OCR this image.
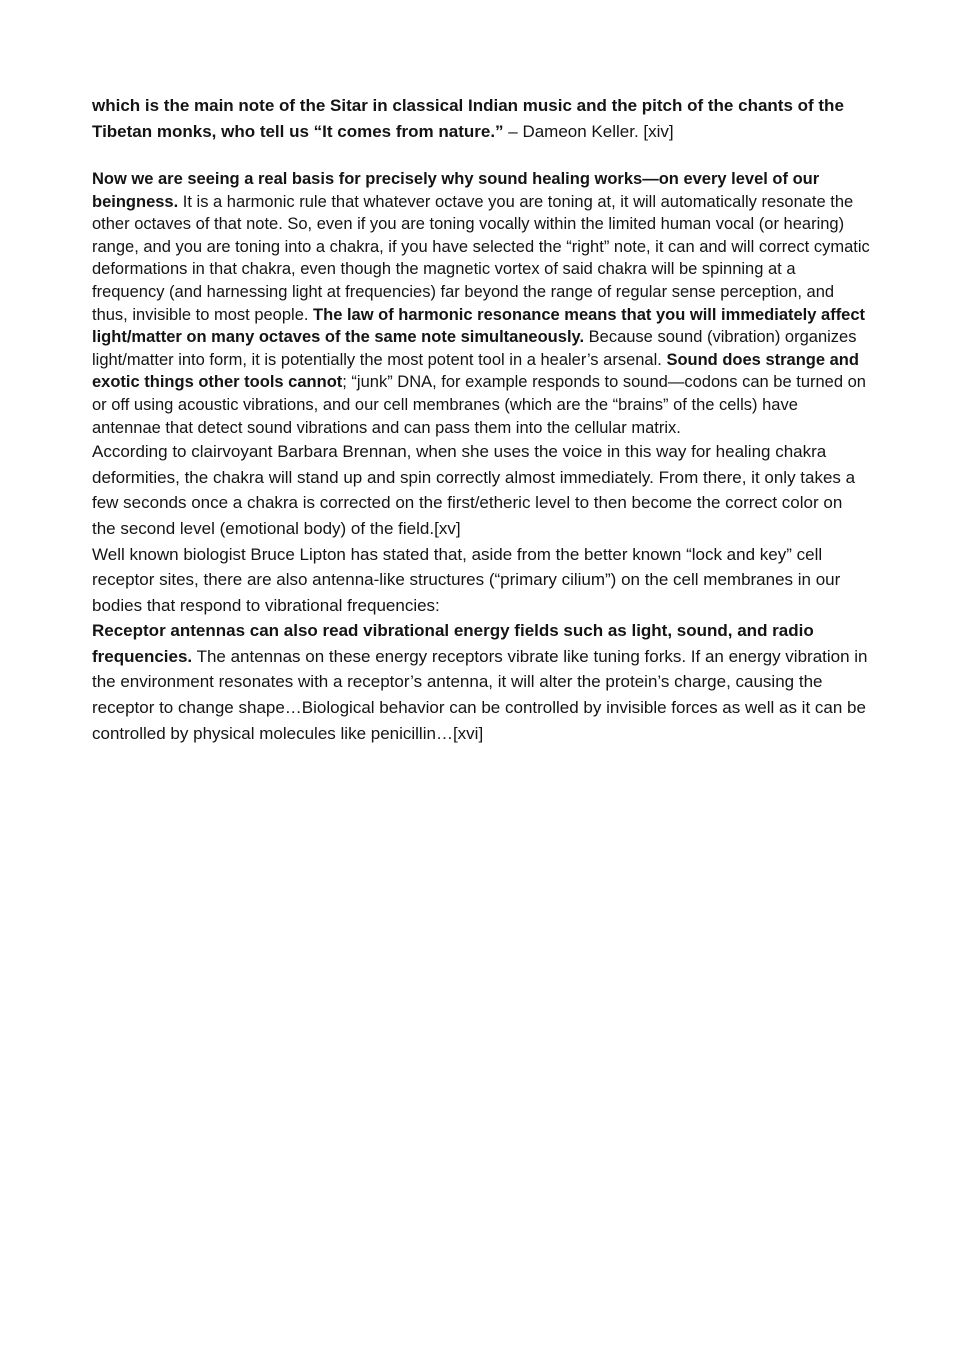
which is the main note of the Sitar in classical Indian music and the pitch of the chants of the Tibetan monks, who tell us “It comes from nature.” – Dameon Keller. [xiv]

Now we are seeing a real basis for precisely why sound healing works—on every level of our beingness. It is a harmonic rule that whatever octave you are toning at, it will automatically resonate the other octaves of that note. So, even if you are toning vocally within the limited human vocal (or hearing) range, and you are toning into a chakra, if you have selected the “right” note, it can and will correct cymatic deformations in that chakra, even though the magnetic vortex of said chakra will be spinning at a frequency (and harnessing light at frequencies) far beyond the range of regular sense perception, and thus, invisible to most people. The law of harmonic resonance means that you will immediately affect light/matter on many octaves of the same note simultaneously. Because sound (vibration) organizes light/matter into form, it is potentially the most potent tool in a healer’s arsenal. Sound does strange and exotic things other tools cannot; “junk” DNA, for example responds to sound—codons can be turned on or off using acoustic vibrations, and our cell membranes (which are the “brains” of the cells) have antennae that detect sound vibrations and can pass them into the cellular matrix.

According to clairvoyant Barbara Brennan, when she uses the voice in this way for healing chakra deformities, the chakra will stand up and spin correctly almost immediately. From there, it only takes a few seconds once a chakra is corrected on the first/etheric level to then become the correct color on the second level (emotional body) of the field.[xv]

Well known biologist Bruce Lipton has stated that, aside from the better known “lock and key” cell receptor sites, there are also antenna-like structures (“primary cilium”) on the cell membranes in our bodies that respond to vibrational frequencies:

Receptor antennas can also read vibrational energy fields such as light, sound, and radio frequencies. The antennas on these energy receptors vibrate like tuning forks. If an energy vibration in the environment resonates with a receptor’s antenna, it will alter the protein’s charge, causing the receptor to change shape…Biological behavior can be controlled by invisible forces as well as it can be controlled by physical molecules like penicillin…[xvi]
